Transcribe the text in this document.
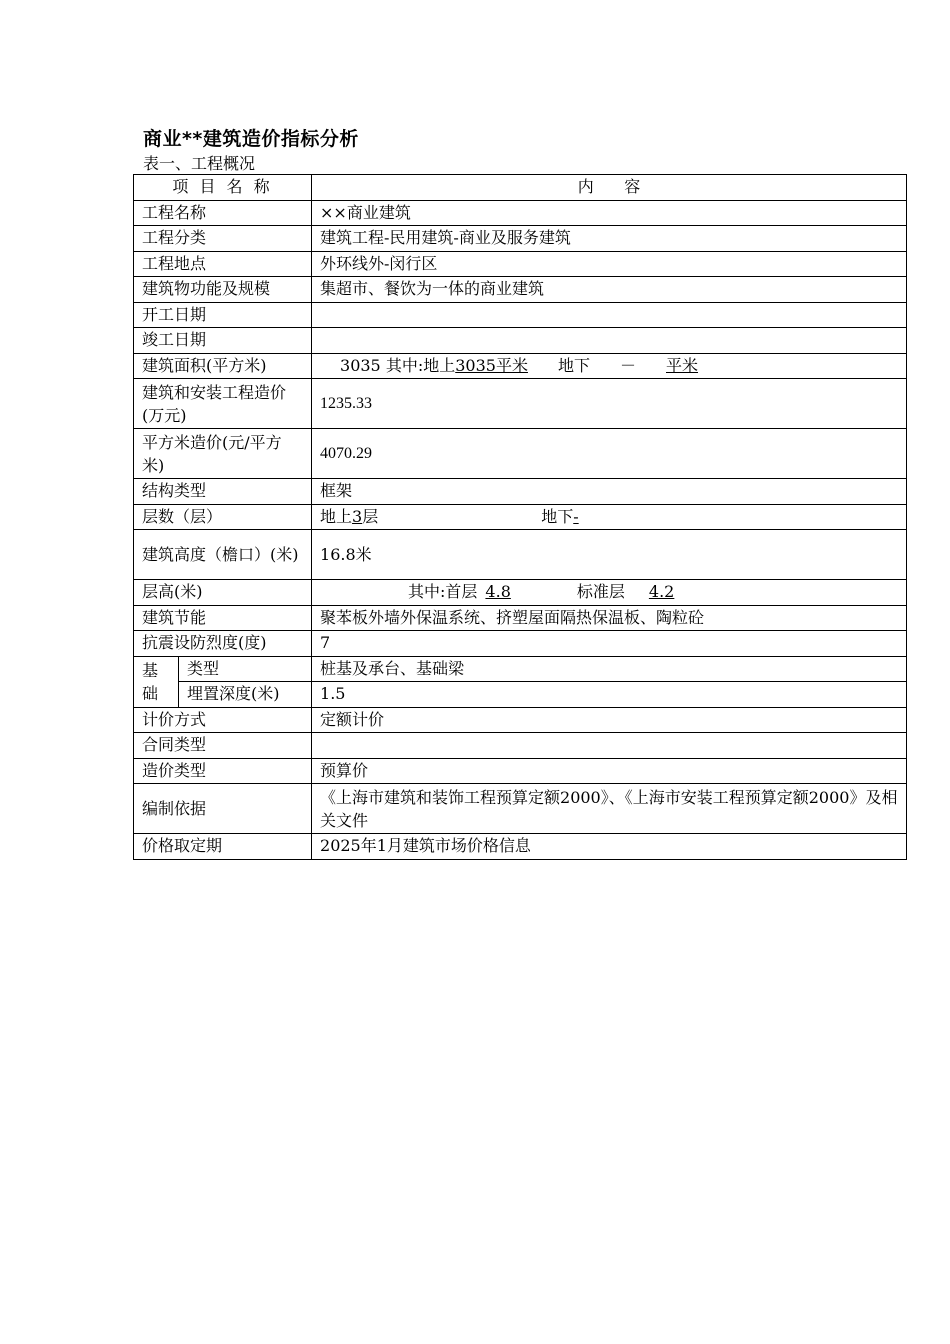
商业**建筑造价指标分析
表一、工程概况
项 目 名 称		内      容
工程名称		××商业建筑
工程分类		建筑工程-民用建筑-商业及服务建筑
工程地点		外环线外-闵行区
建筑物功能及规模		集超市、餐饮为一体的商业建筑
开工日期		
竣工日期		
建筑面积(平方米)		3035 其中:地上3035平米 地下 － 平米
建筑和安装工程造价(万元)		1235.33
平方米造价(元/平方米)		4070.29
结构类型		框架
层数（层）		地上3层 地下-
建筑高度（檐口）(米)		16.8米
层高(米)		其中:首层 4.8 标准层 4.2
建筑节能		聚苯板外墙外保温系统、挤塑屋面隔热保温板、陶粒砼
抗震设防烈度(度)		7
基础	类型	桩基及承台、基础梁
	埋置深度(米)	1.5
计价方式		定额计价
合同类型		
造价类型		预算价
编制依据		《上海市建筑和装饰工程预算定额2000》、《上海市安装工程预算定额2000》及相关文件
价格取定期		2025年1月建筑市场价格信息
